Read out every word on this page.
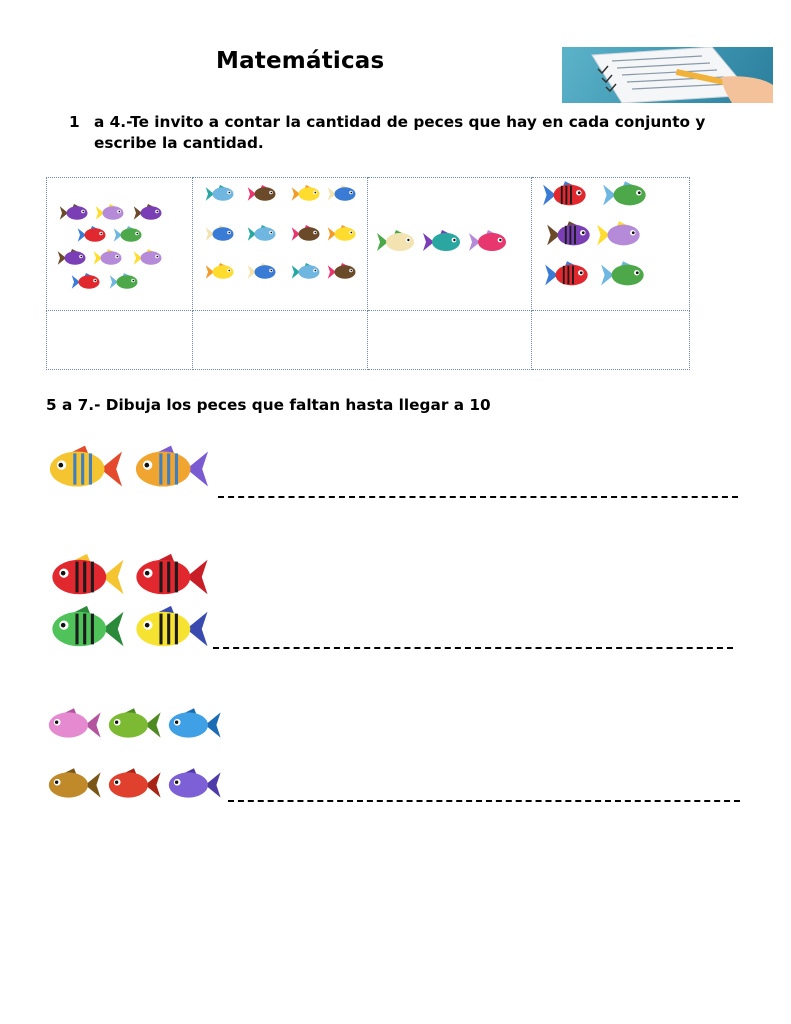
Matemáticas
1 a 4.-Te invito a contar la cantidad de peces que hay en cada conjunto y escribe la cantidad.

5 a 7.- Dibuja los peces que faltan hasta llegar a 10
